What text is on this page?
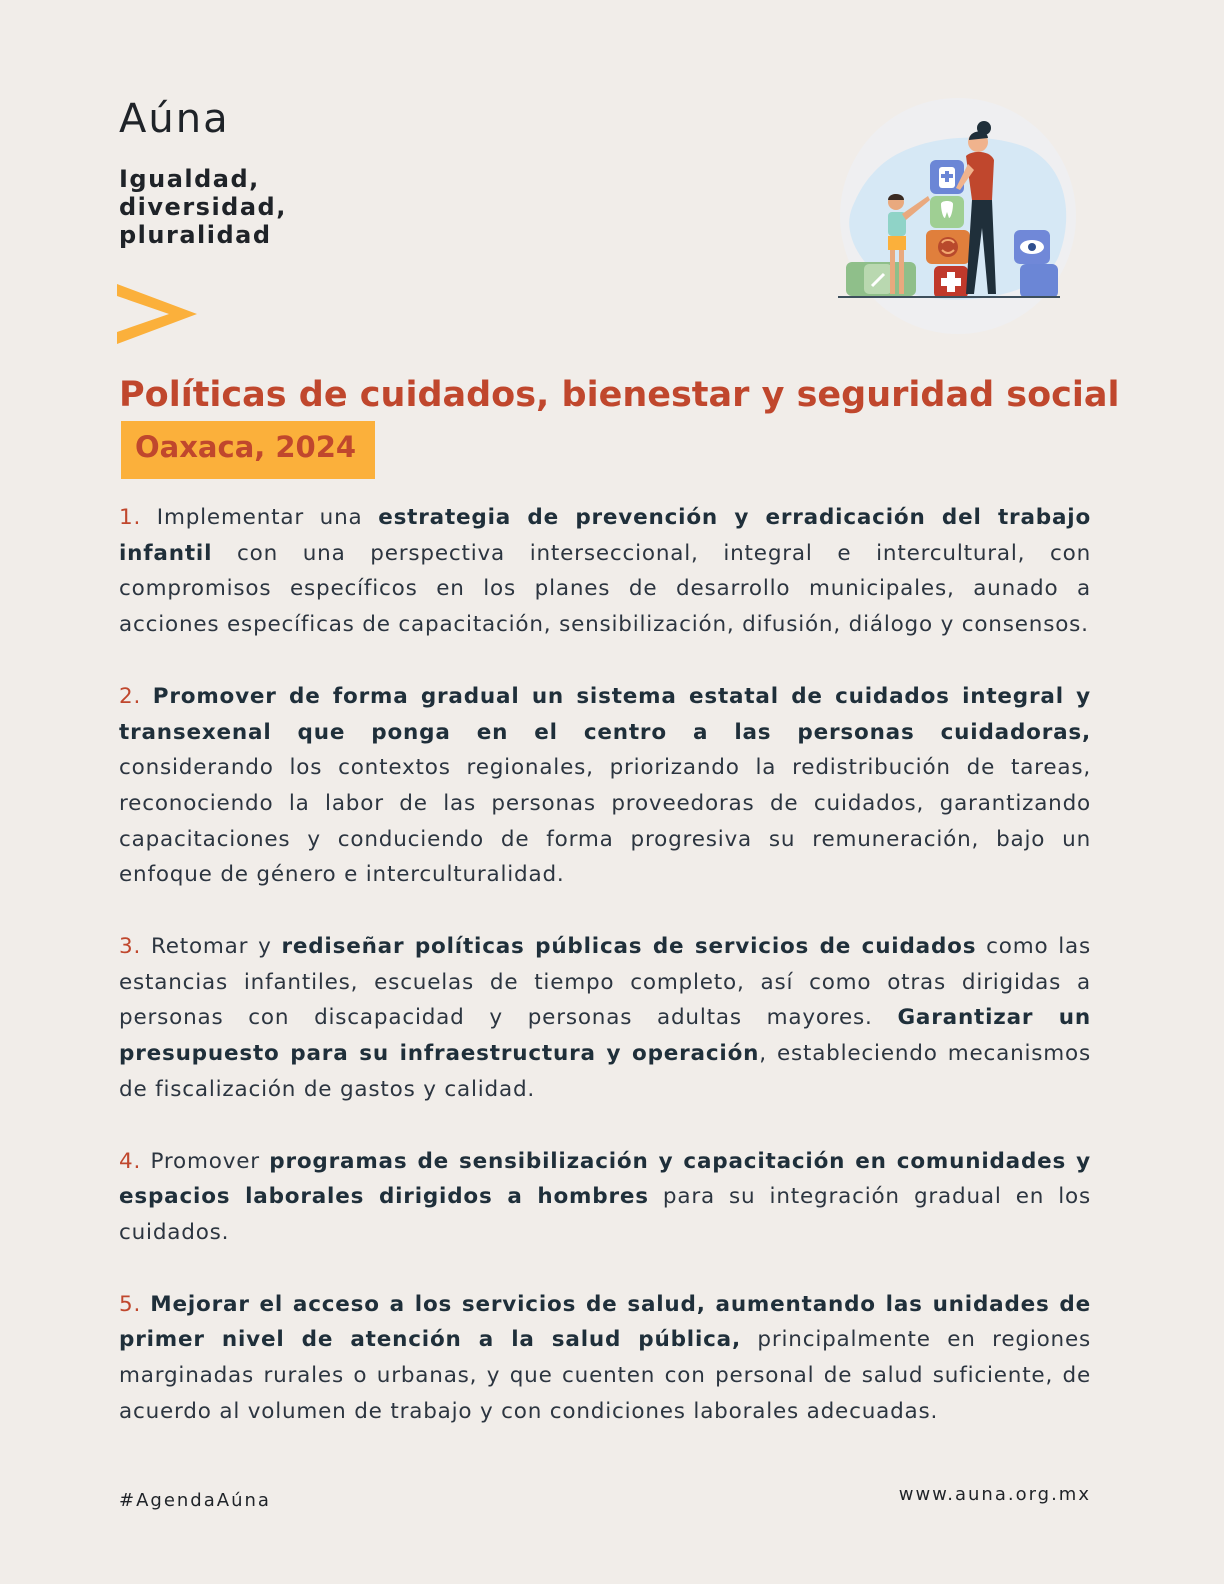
Aúna
Igualdad,
diversidad,
pluralidad
Políticas de cuidados, bienestar y seguridad social
Oaxaca, 2024

1. Implementar una estrategia de prevención y erradicación del trabajo infantil con una perspectiva interseccional, integral e intercultural, con compromisos específicos en los planes de desarrollo municipales, aunado a acciones específicas de capacitación, sensibilización, difusión, diálogo y consensos.

2. Promover de forma gradual un sistema estatal de cuidados integral y transexenal que ponga en el centro a las personas cuidadoras, considerando los contextos regionales, priorizando la redistribución de tareas, reconociendo la labor de las personas proveedoras de cuidados, garantizando capacitaciones y conduciendo de forma progresiva su remuneración, bajo un enfoque de género e interculturalidad.

3. Retomar y rediseñar políticas públicas de servicios de cuidados como las estancias infantiles, escuelas de tiempo completo, así como otras dirigidas a personas con discapacidad y personas adultas mayores. Garantizar un presupuesto para su infraestructura y operación, estableciendo mecanismos de fiscalización de gastos y calidad.

4. Promover programas de sensibilización y capacitación en comunidades y espacios laborales dirigidos a hombres para su integración gradual en los cuidados.

5. Mejorar el acceso a los servicios de salud, aumentando las unidades de primer nivel de atención a la salud pública, principalmente en regiones marginadas rurales o urbanas, y que cuenten con personal de salud suficiente, de acuerdo al volumen de trabajo y con condiciones laborales adecuadas.

#AgendaAúna	www.auna.org.mx
